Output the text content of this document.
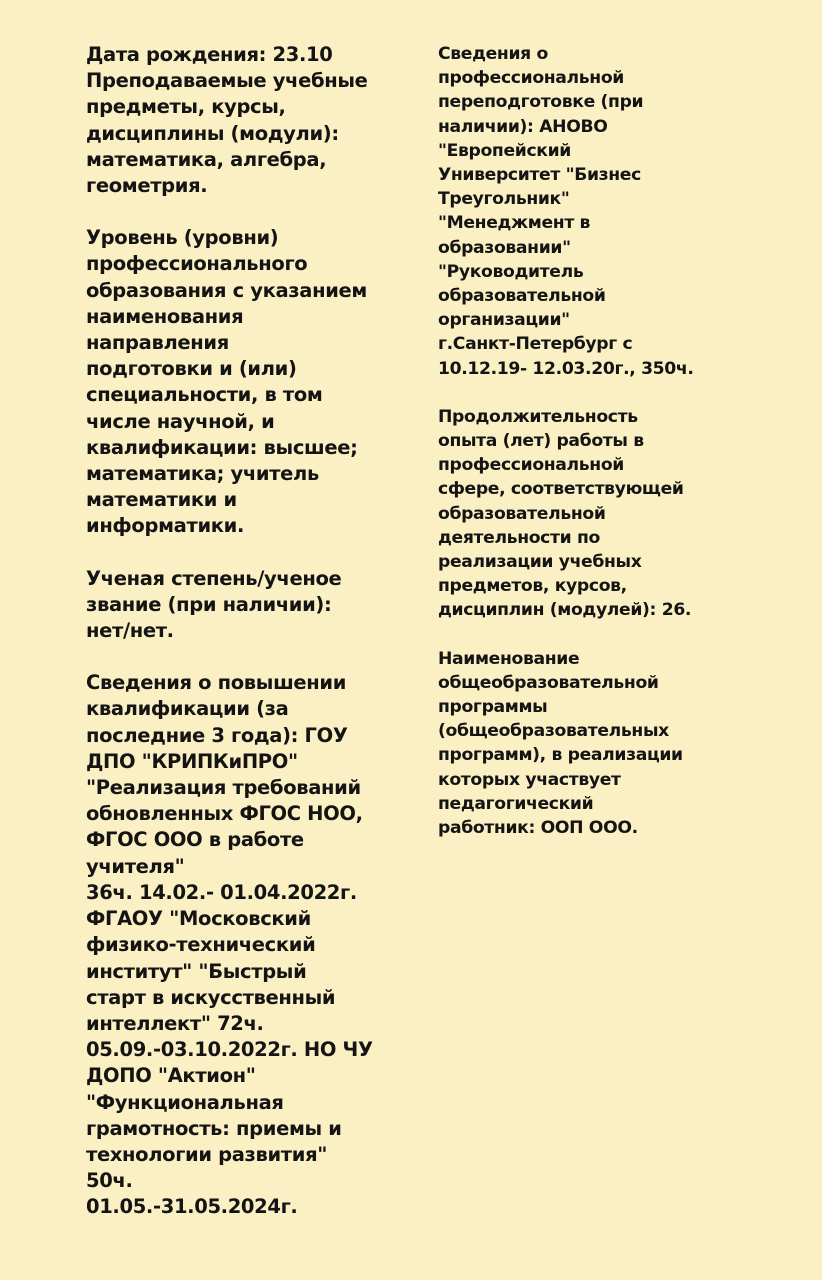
Дата рождения: 23.10
Преподаваемые учебные
предметы, курсы,
дисциплины (модули):
математика, алгебра,
геометрия.

Уровень (уровни)
профессионального
образования с указанием
наименования
направления
подготовки и (или)
специальности, в том
числе научной, и
квалификации: высшее;
математика; учитель
математики и
информатики.

Ученая степень/ученое
звание (при наличии):
нет/нет.

Сведения о повышении
квалификации (за
последние 3 года): ГОУ
ДПО "КРИПКиПРО"
"Реализация требований
обновленных ФГОС НОО,
ФГОС ООО в работе
учителя"
36ч. 14.02.- 01.04.2022г.
ФГАОУ "Московский
физико-технический
институт" "Быстрый
старт в искусственный
интеллект" 72ч.
05.09.-03.10.2022г. НО ЧУ
ДОПО "Актион"
"Функциональная
грамотность: приемы и
технологии развития"
50ч.
01.05.-31.05.2024г.

Сведения о
профессиональной
переподготовке (при
наличии): АНОВО
"Европейский
Университет "Бизнес
Треугольник"
"Менеджмент в
образовании"
"Руководитель
образовательной
организации"
г.Санкт-Петербург с
10.12.19- 12.03.20г., 350ч.

Продолжительность
опыта (лет) работы в
профессиональной
сфере, соответствующей
образовательной
деятельности по
реализации учебных
предметов, курсов,
дисциплин (модулей): 26.

Наименование
общеобразовательной
программы
(общеобразовательных
программ), в реализации
которых участвует
педагогический
работник: ООП ООО.
